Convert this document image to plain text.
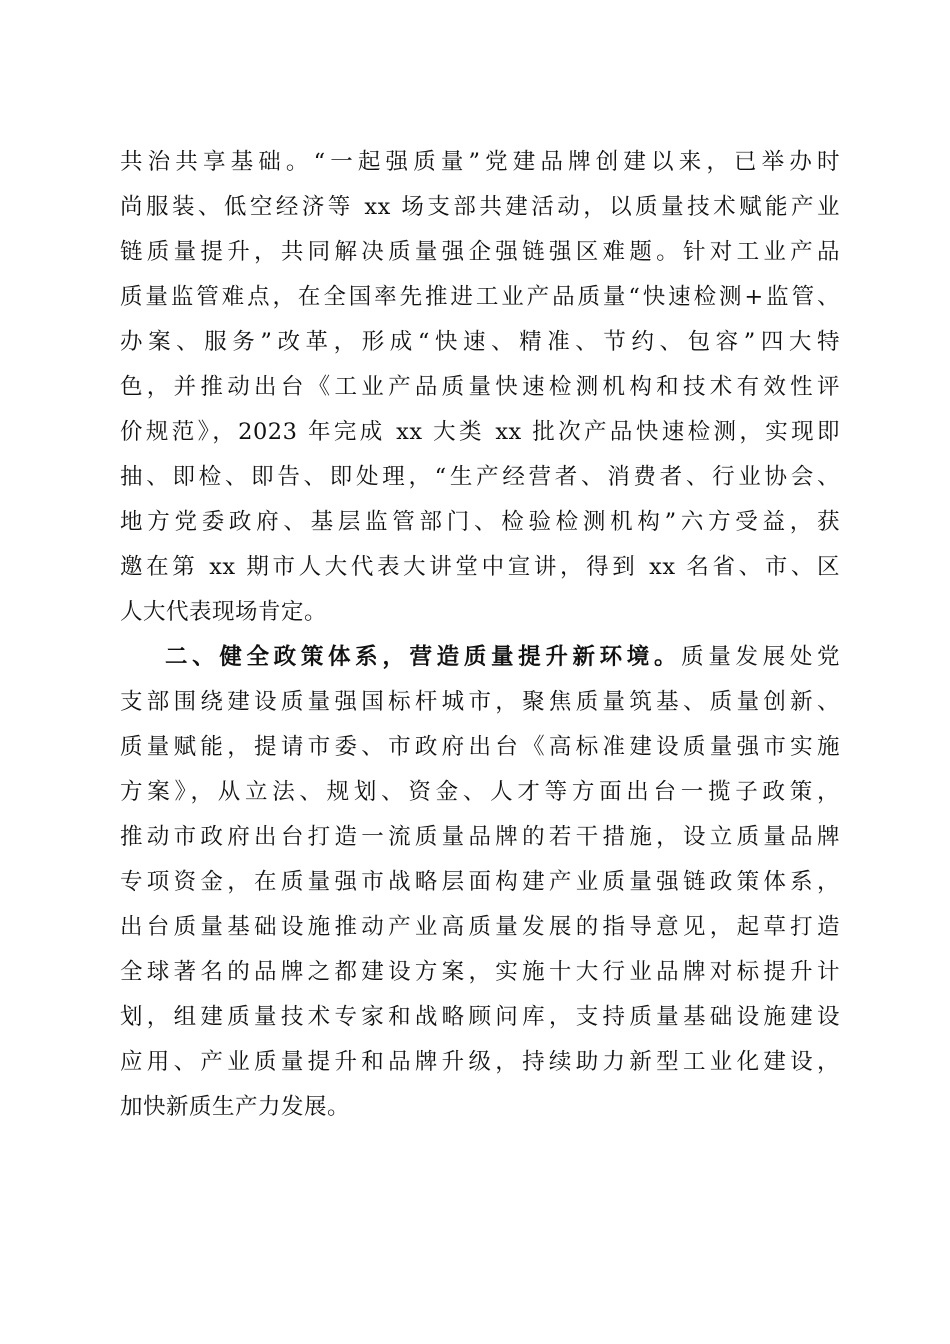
共治共享基础。“一起强质量”党建品牌创建以来，已举办时
尚服装、低空经济等 xx 场支部共建活动，以质量技术赋能产业
链质量提升，共同解决质量强企强链强区难题。针对工业产品
质量监管难点，在全国率先推进工业产品质量“快速检测+监管、
办案、服务”改革，形成“快速、精准、节约、包容”四大特
色，并推动出台《工业产品质量快速检测机构和技术有效性评
价规范》，2023 年完成 xx 大类 xx 批次产品快速检测，实现即
抽、即检、即告、即处理，“生产经营者、消费者、行业协会、
地方党委政府、基层监管部门、检验检测机构”六方受益，获
邀在第 xx 期市人大代表大讲堂中宣讲，得到 xx 名省、市、区
人大代表现场肯定。
二、健全政策体系，营造质量提升新环境。质量发展处党
支部围绕建设质量强国标杆城市，聚焦质量筑基、质量创新、
质量赋能，提请市委、市政府出台《高标准建设质量强市实施
方案》，从立法、规划、资金、人才等方面出台一揽子政策，
推动市政府出台打造一流质量品牌的若干措施，设立质量品牌
专项资金，在质量强市战略层面构建产业质量强链政策体系，
出台质量基础设施推动产业高质量发展的指导意见，起草打造
全球著名的品牌之都建设方案，实施十大行业品牌对标提升计
划，组建质量技术专家和战略顾问库，支持质量基础设施建设
应用、产业质量提升和品牌升级，持续助力新型工业化建设，
加快新质生产力发展。
